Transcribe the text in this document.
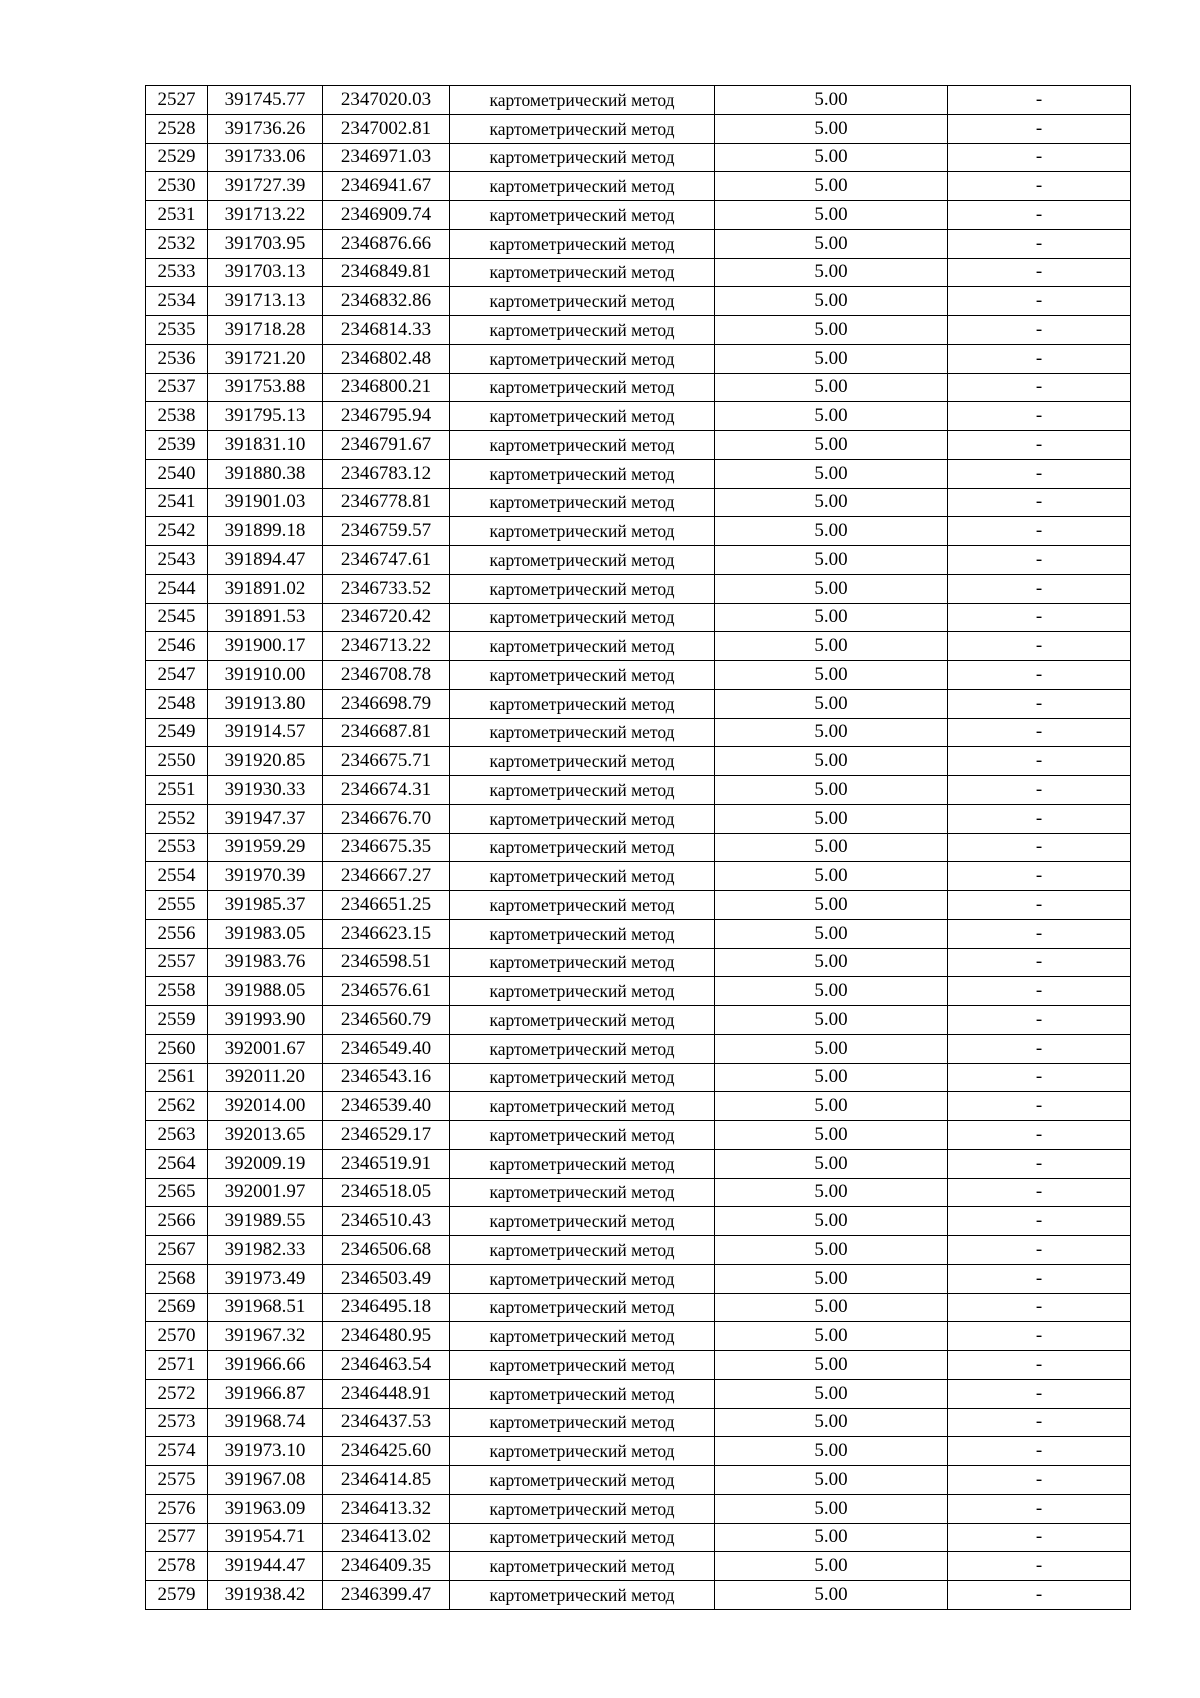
2527	391745.77	2347020.03	картометрический метод	5.00	-
2528	391736.26	2347002.81	картометрический метод	5.00	-
2529	391733.06	2346971.03	картометрический метод	5.00	-
2530	391727.39	2346941.67	картометрический метод	5.00	-
2531	391713.22	2346909.74	картометрический метод	5.00	-
2532	391703.95	2346876.66	картометрический метод	5.00	-
2533	391703.13	2346849.81	картометрический метод	5.00	-
2534	391713.13	2346832.86	картометрический метод	5.00	-
2535	391718.28	2346814.33	картометрический метод	5.00	-
2536	391721.20	2346802.48	картометрический метод	5.00	-
2537	391753.88	2346800.21	картометрический метод	5.00	-
2538	391795.13	2346795.94	картометрический метод	5.00	-
2539	391831.10	2346791.67	картометрический метод	5.00	-
2540	391880.38	2346783.12	картометрический метод	5.00	-
2541	391901.03	2346778.81	картометрический метод	5.00	-
2542	391899.18	2346759.57	картометрический метод	5.00	-
2543	391894.47	2346747.61	картометрический метод	5.00	-
2544	391891.02	2346733.52	картометрический метод	5.00	-
2545	391891.53	2346720.42	картометрический метод	5.00	-
2546	391900.17	2346713.22	картометрический метод	5.00	-
2547	391910.00	2346708.78	картометрический метод	5.00	-
2548	391913.80	2346698.79	картометрический метод	5.00	-
2549	391914.57	2346687.81	картометрический метод	5.00	-
2550	391920.85	2346675.71	картометрический метод	5.00	-
2551	391930.33	2346674.31	картометрический метод	5.00	-
2552	391947.37	2346676.70	картометрический метод	5.00	-
2553	391959.29	2346675.35	картометрический метод	5.00	-
2554	391970.39	2346667.27	картометрический метод	5.00	-
2555	391985.37	2346651.25	картометрический метод	5.00	-
2556	391983.05	2346623.15	картометрический метод	5.00	-
2557	391983.76	2346598.51	картометрический метод	5.00	-
2558	391988.05	2346576.61	картометрический метод	5.00	-
2559	391993.90	2346560.79	картометрический метод	5.00	-
2560	392001.67	2346549.40	картометрический метод	5.00	-
2561	392011.20	2346543.16	картометрический метод	5.00	-
2562	392014.00	2346539.40	картометрический метод	5.00	-
2563	392013.65	2346529.17	картометрический метод	5.00	-
2564	392009.19	2346519.91	картометрический метод	5.00	-
2565	392001.97	2346518.05	картометрический метод	5.00	-
2566	391989.55	2346510.43	картометрический метод	5.00	-
2567	391982.33	2346506.68	картометрический метод	5.00	-
2568	391973.49	2346503.49	картометрический метод	5.00	-
2569	391968.51	2346495.18	картометрический метод	5.00	-
2570	391967.32	2346480.95	картометрический метод	5.00	-
2571	391966.66	2346463.54	картометрический метод	5.00	-
2572	391966.87	2346448.91	картометрический метод	5.00	-
2573	391968.74	2346437.53	картометрический метод	5.00	-
2574	391973.10	2346425.60	картометрический метод	5.00	-
2575	391967.08	2346414.85	картометрический метод	5.00	-
2576	391963.09	2346413.32	картометрический метод	5.00	-
2577	391954.71	2346413.02	картометрический метод	5.00	-
2578	391944.47	2346409.35	картометрический метод	5.00	-
2579	391938.42	2346399.47	картометрический метод	5.00	-
